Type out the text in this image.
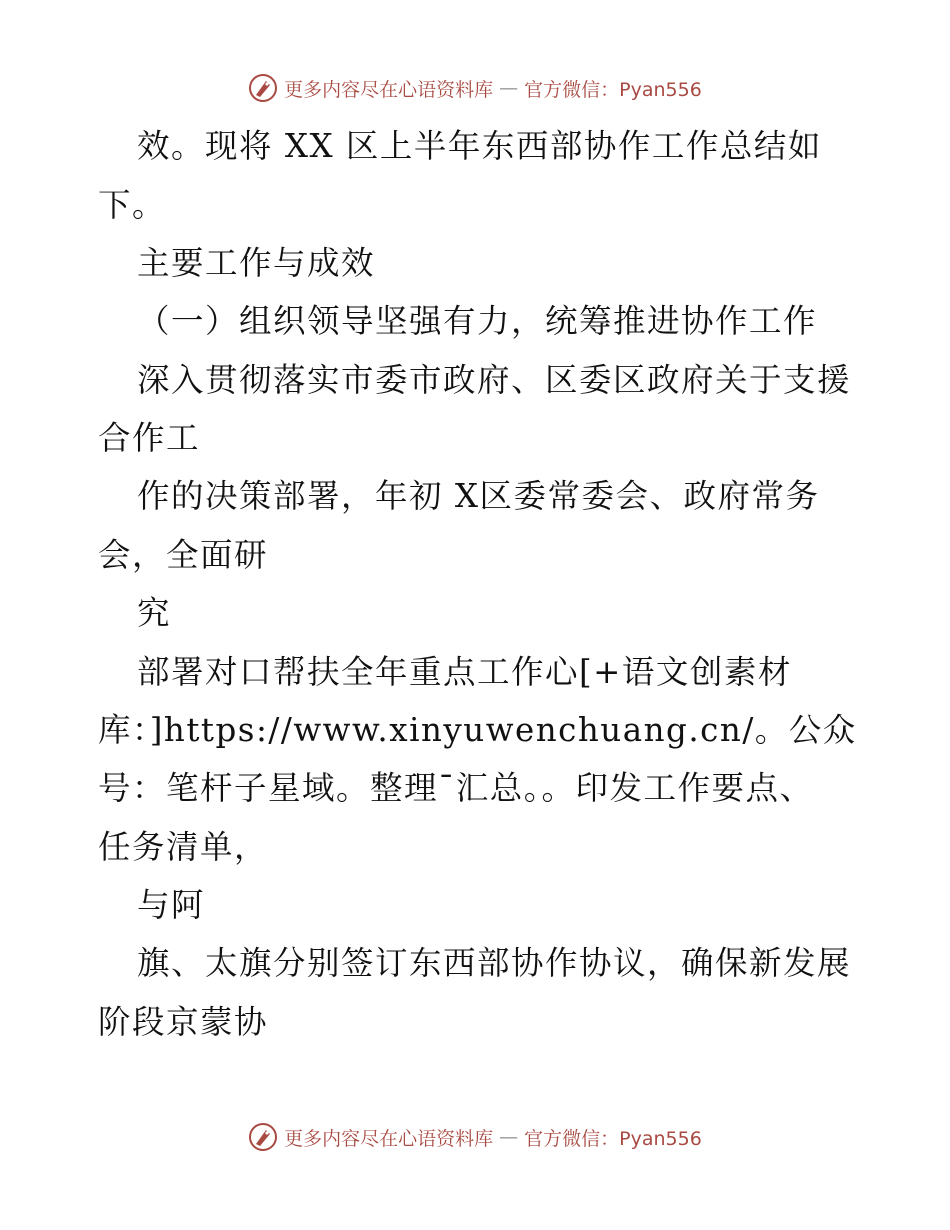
更多内容尽在心语资料库 — 官方微信：Pyan556
效。现将 XX 区上半年东西部协作工作总结如
下。
主要工作与成效
（一）组织领导坚强有力，统筹推进协作工作
深入贯彻落实市委市政府、区委区政府关于支援
合作工
作的决策部署，年初 X区委常委会、政府常务
会，全面研
究
部署对口帮扶全年重点工作心[+语文创素材
库：]https://www.xinyuwenchuang.cn/。公众
号：笔杆子星域。整理¯汇总。。印发工作要点、
任务清单，
与阿
旗、太旗分别签订东西部协作协议，确保新发展
阶段京蒙协
更多内容尽在心语资料库 — 官方微信：Pyan556
